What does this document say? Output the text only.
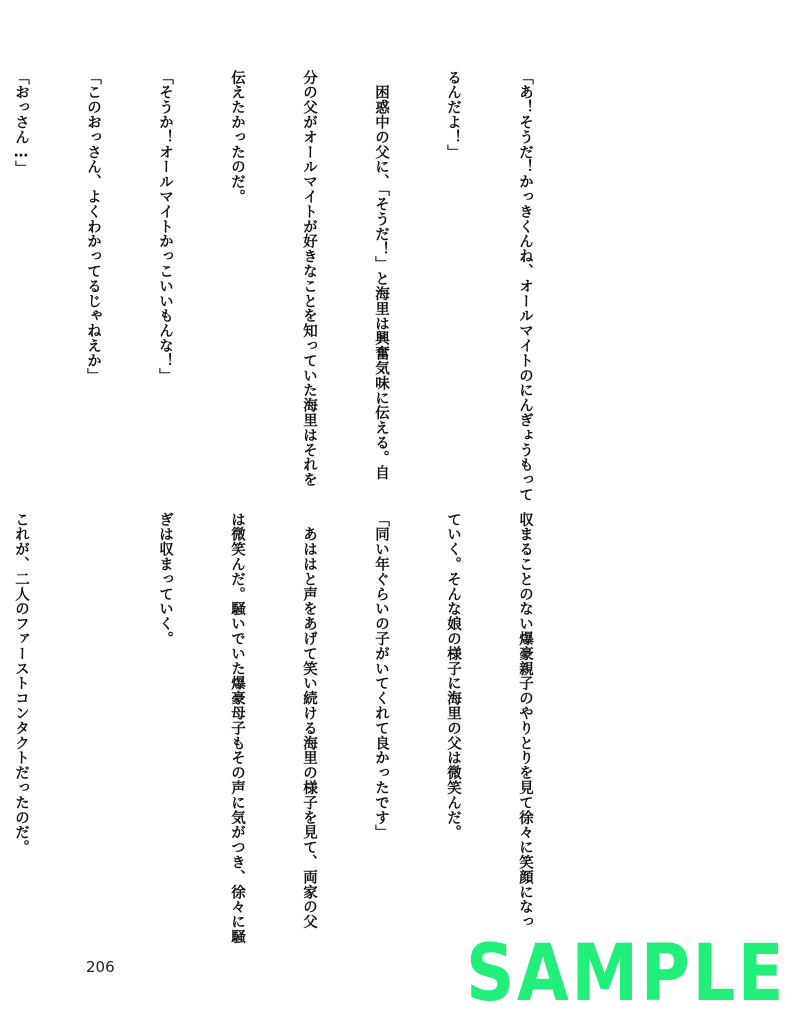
「あ！そうだ！かっきくんね、オールマイトのにんぎょうもって

るんだよ！」

　困惑中の父に、「そうだ！」と海里は興奮気味に伝える。自

分の父がオールマイトが好きなことを知っていた海里はそれを

伝えたかったのだ。

「そうか！オールマイトかっこいいもんな！」

「このおっさん、よくわかってるじゃねえか」

「おっさん…」

収まることのない爆豪親子のやりとりを見て徐々に笑顔になっ

ていく。そんな娘の様子に海里の父は微笑んだ。

「同い年ぐらいの子がいてくれて良かったです」

　あははと声をあげて笑い続ける海里の様子を見て、両家の父

は微笑んだ。騒いでいた爆豪母子もその声に気がつき、徐々に騒

ぎは収まっていく。

これが、二人のファーストコンタクトだったのだ。

206	SAMPLE
